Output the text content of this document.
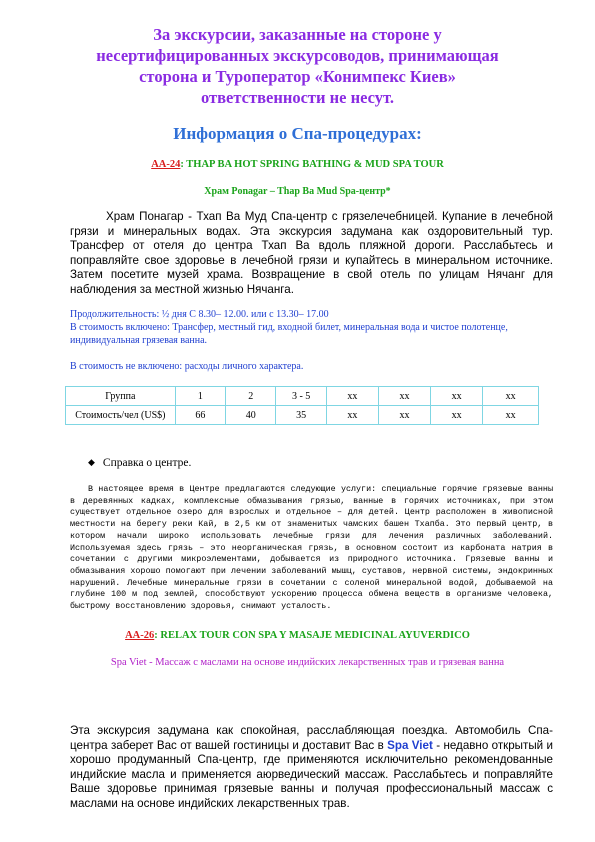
За экскурсии, заказанные на стороне у
несертифицированных экскурсоводов, принимающая
сторона и Туроператор «Конимпекс Киев»
ответственности не несут.

Информация о Спа-процедурах:

AA-24: THAP BA HOT SPRING BATHING & MUD SPA TOUR

Храм Ponagar – Thap Ba Mud Spa-центр*

Храм Понагар - Тхап Ва Муд Спа-центр с грязелечебницей. Купание в лечебной грязи и минеральных водах. Эта экскурсия задумана как оздоровительный тур. Трансфер от отеля до центра Тхап Ва вдоль пляжной дороги. Расслабьтесь и поправляйте свое здоровье в лечебной грязи и купайтесь в минеральном источнике. Затем посетите музей храма. Возвращение в свой отель по улицам Нячанг для наблюдения за местной жизнью Нячанга.

Продолжительность: ½ дня С 8.30– 12.00. или с 13.30– 17.00

В стоимость включено: Трансфер, местный гид, входной билет, минеральная вода и чистое полотенце, индивидуальная грязевая ванна.

В стоимость не включено: расходы личного характера.

Группа	1	2	3 - 5	xx	xx	xx	xx
Стоимость/чел (US$)	66	40	35	xx	xx	xx	xx

◆ Справка о центре.

В настоящее время в Центре предлагаются следующие услуги: специальные горячие грязевые ванны в деревянных кадках, комплексные обмазывания грязью, ванные в горячих источниках, при этом существует отдельное озеро для взрослых и отдельное – для детей. Центр расположен в живописной местности на берегу реки Кай, в 2,5 км от знаменитых чамских башен Тхапба. Это первый центр, в котором начали широко использовать лечебные грязи для лечения различных заболеваний. Используемая здесь грязь – это неорганическая грязь, в основном состоит из карбоната натрия в сочетании с другими микроэлементами, добывается из природного источника. Грязевые ванны и обмазывания хорошо помогают при лечении заболеваний мышц, суставов, нервной системы, эндокринных нарушений. Лечебные минеральные грязи в сочетании с соленой минеральной водой, добываемой на глубине 100 м под землей, способствуют ускорению процесса обмена веществ в организме человека, быстрому восстановлению здоровья, снимают усталость.

AA-26: RELAX TOUR CON SPA Y MASAJE MEDICINAL AYUVERDICO

Spa Viet - Массаж с маслами на основе индийских лекарственных трав и грязевая ванна

Эта экскурсия задумана как спокойная, расслабляющая поездка. Автомобиль Спа-центра заберет Вас от вашей гостиницы и доставит Вас в Spa Viet - недавно открытый и хорошо продуманный Спа-центр, где применяются исключительно рекомендованные индийские масла и применяется аюрведический массаж. Расслабьтесь и поправляйте Ваше здоровье принимая грязевые ванны и получая профессиональный массаж с маслами на основе индийских лекарственных трав.
